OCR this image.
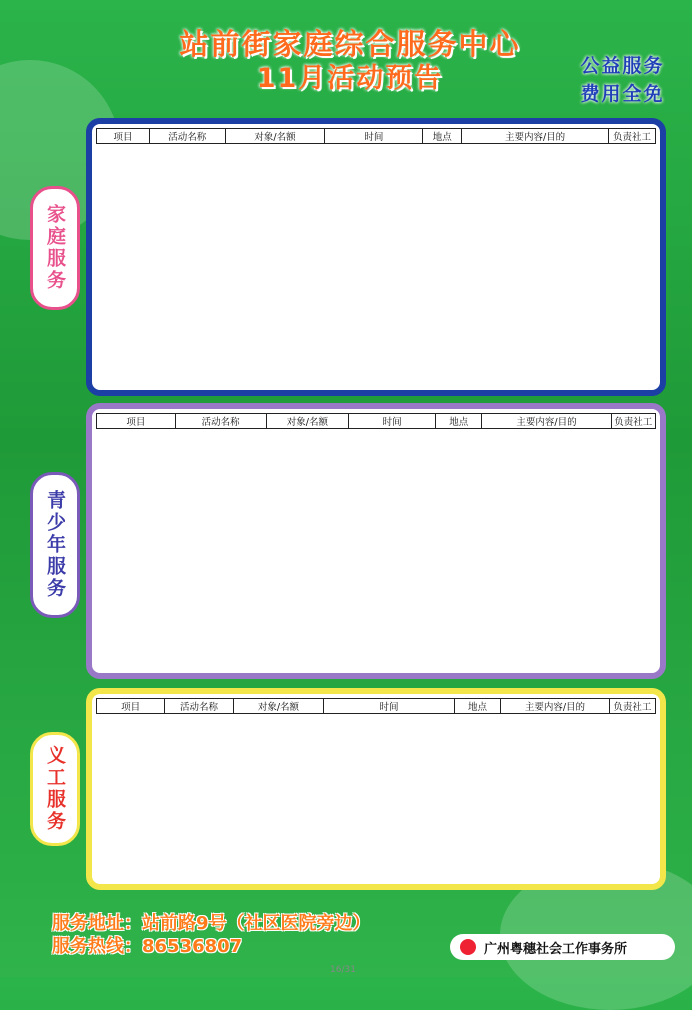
站前街家庭综合服务中心
11月活动预告	公益服务
费用全免
项目	活动名称	对象/名额	时间	地点	主要内容/目的	负责社工
家庭服务
项目	活动名称	对象/名额	时间	地点	主要内容/目的	负责社工
青少年服务
项目	活动名称	对象/名额	时间	地点	主要内容/目的	负责社工
义工服务
服务地址：站前路9号（社区医院旁边）
服务热线：86536807	广州粤穗社会工作事务所
16/31
